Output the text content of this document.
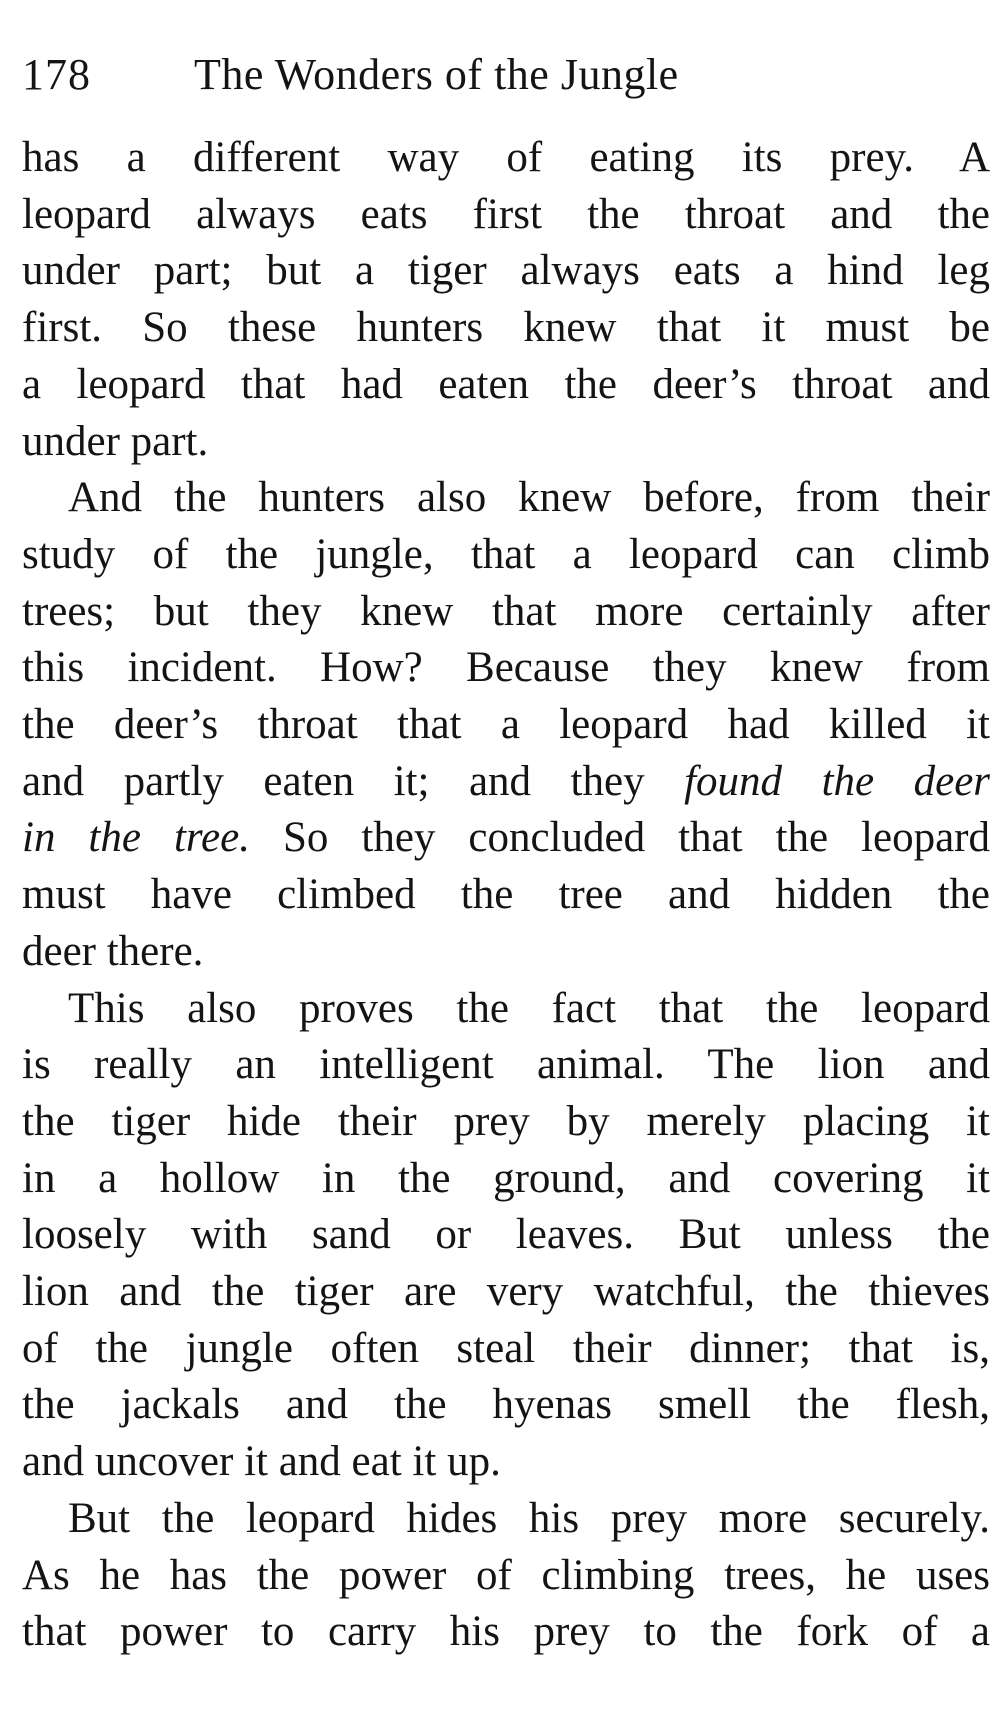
178 The Wonders of the Jungle

has a different way of eating its prey. A
leopard always eats first the throat and the
under part; but a tiger always eats a hind leg
first. So these hunters knew that it must be
a leopard that had eaten the deer’s throat and
under part.

And the hunters also knew before, from their
study of the jungle, that a leopard can climb
trees; but they knew that more certainly after
this incident. How? Because they knew from
the deer’s throat that a leopard had killed it
and partly eaten it; and they found the deer
in the tree. So they concluded that the leopard
must have climbed the tree and hidden the
deer there.

This also proves the fact that the leopard
is really an intelligent animal. The lion and
the tiger hide their prey by merely placing it
in a hollow in the ground, and covering it
loosely with sand or leaves. But unless the
lion and the tiger are very watchful, the thieves
of the jungle often steal their dinner; that is,
the jackals and the hyenas smell the flesh,
and uncover it and eat it up.

But the leopard hides his prey more securely.
As he has the power of climbing trees, he uses
that power to carry his prey to the fork of a
